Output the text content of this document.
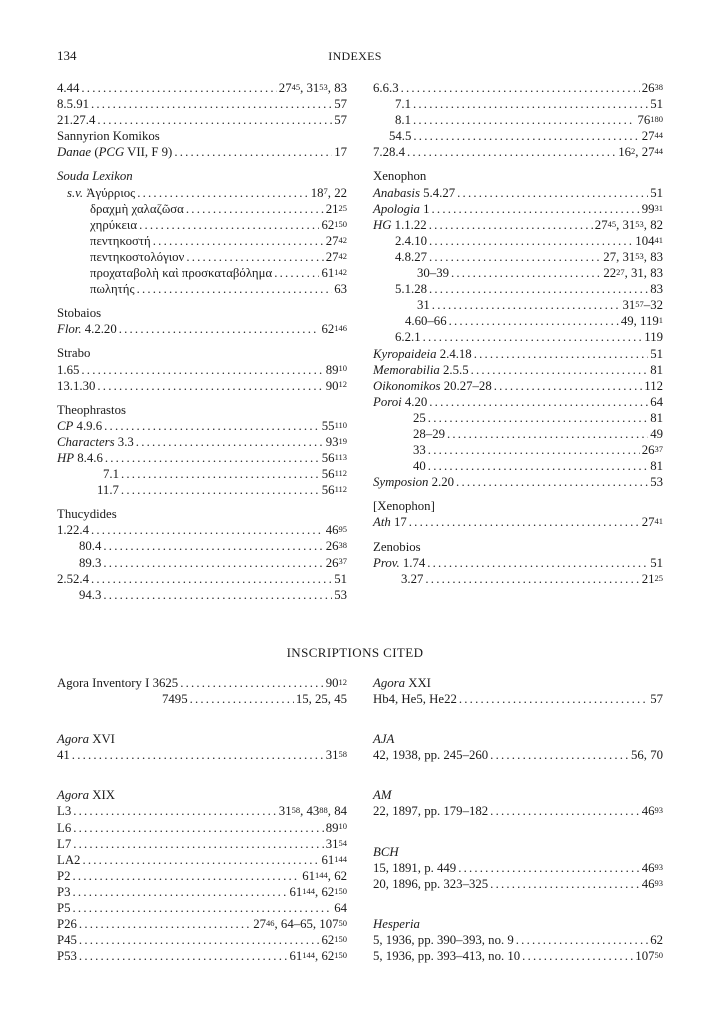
134	INDEXES
4.44 .....	$27^{45}$, $31^{53}$, 83
8.5.91 .....	57
21.27.4 .....	57
Sannyrion Komikos
Danae (PCG VII, F 9) .....	17
Souda Lexikon
s.v. Ἀγύρριος .....	$18^7$, 22
δραχμὴ χαλαζῶσα .....	$21^{25}$
χηρύκεια .....	$62^{150}$
πεντηκοστή .....	$27^{42}$
πεντηκοστολόγιον .....	$27^{42}$
προχαταβολὴ καὶ προσκαταβόλημα .....	$61^{142}$
πωλητής .....	63
Stobaios
Flor. 4.2.20 .....	$62^{146}$
Strabo
1.65 .....	$89^{10}$
13.1.30 .....	$90^{12}$
Theophrastos
CP 4.9.6 .....	$55^{110}$
Characters 3.3 .....	$93^{19}$
HP 8.4.6 .....	$56^{113}$
7.1 .....	$56^{112}$
11.7 .....	$56^{112}$
Thucydides
1.22.4 .....	$46^{95}$
80.4 .....	$26^{38}$
89.3 .....	$26^{37}$
2.52.4 .....	51
94.3 .....	53
6.6.3 .....	$26^{38}$
7.1 .....	51
8.1 .....	$76^{180}$
54.5 .....	$27^{44}$
7.28.4 .....	$16^2$, $27^{44}$
Xenophon
Anabasis 5.4.27 .....	51
Apologia 1 .....	$99^{31}$
HG 1.1.22 .....	$27^{45}$, $31^{53}$, 82
2.4.10 .....	$104^{41}$
4.8.27 .....	27, $31^{53}$, 83
30–39 .....	$22^{27}$, 31, 83
5.1.28 .....	83
31 .....	$31^{57}-32$
4.60–66 .....	49, $119^1$
6.2.1 .....	119
Kyropaideia 2.4.18 .....	51
Memorabilia 2.5.5 .....	81
Oikonomikos 20.27–28 .....	112
Poroi 4.20 .....	64
25 .....	81
28–29 .....	49
33 .....	$26^{37}$
40 .....	81
Symposion 2.20 .....	53
[Xenophon]
Ath 17 .....	$27^{41}$
Zenobios
Prov. 1.74 .....	51
3.27 .....	$21^{25}$
INSCRIPTIONS CITED
Agora Inventory I 3625 .....	$90^{12}$
7495 .....	15, 25, 45
Agora XVI
41 .....	$31^{58}$
Agora XIX
L3 .....	$31^{58}$, $43^{88}$, 84
L6 .....	$89^{10}$
L7 .....	$31^{54}$
LA2 .....	$61^{144}$
P2 .....	$61^{144}$, 62
P3 .....	$61^{144}$, $62^{150}$
P5 .....	64
P26 .....	$27^{46}$, 64–65, $107^{50}$
P45 .....	$62^{150}$
P53 .....	$61^{144}$, $62^{150}$
Agora XXI
Hb4, He5, He22 .....	57
AJA
42, 1938, pp. 245–260 .....	56, 70
AM
22, 1897, pp. 179–182 .....	$46^{93}$
BCH
15, 1891, p. 449 .....	$46^{93}$
20, 1896, pp. 323–325 .....	$46^{93}$
Hesperia
5, 1936, pp. 390–393, no. 9 .....	62
5, 1936, pp. 393–413, no. 10 .....	$107^{50}$
